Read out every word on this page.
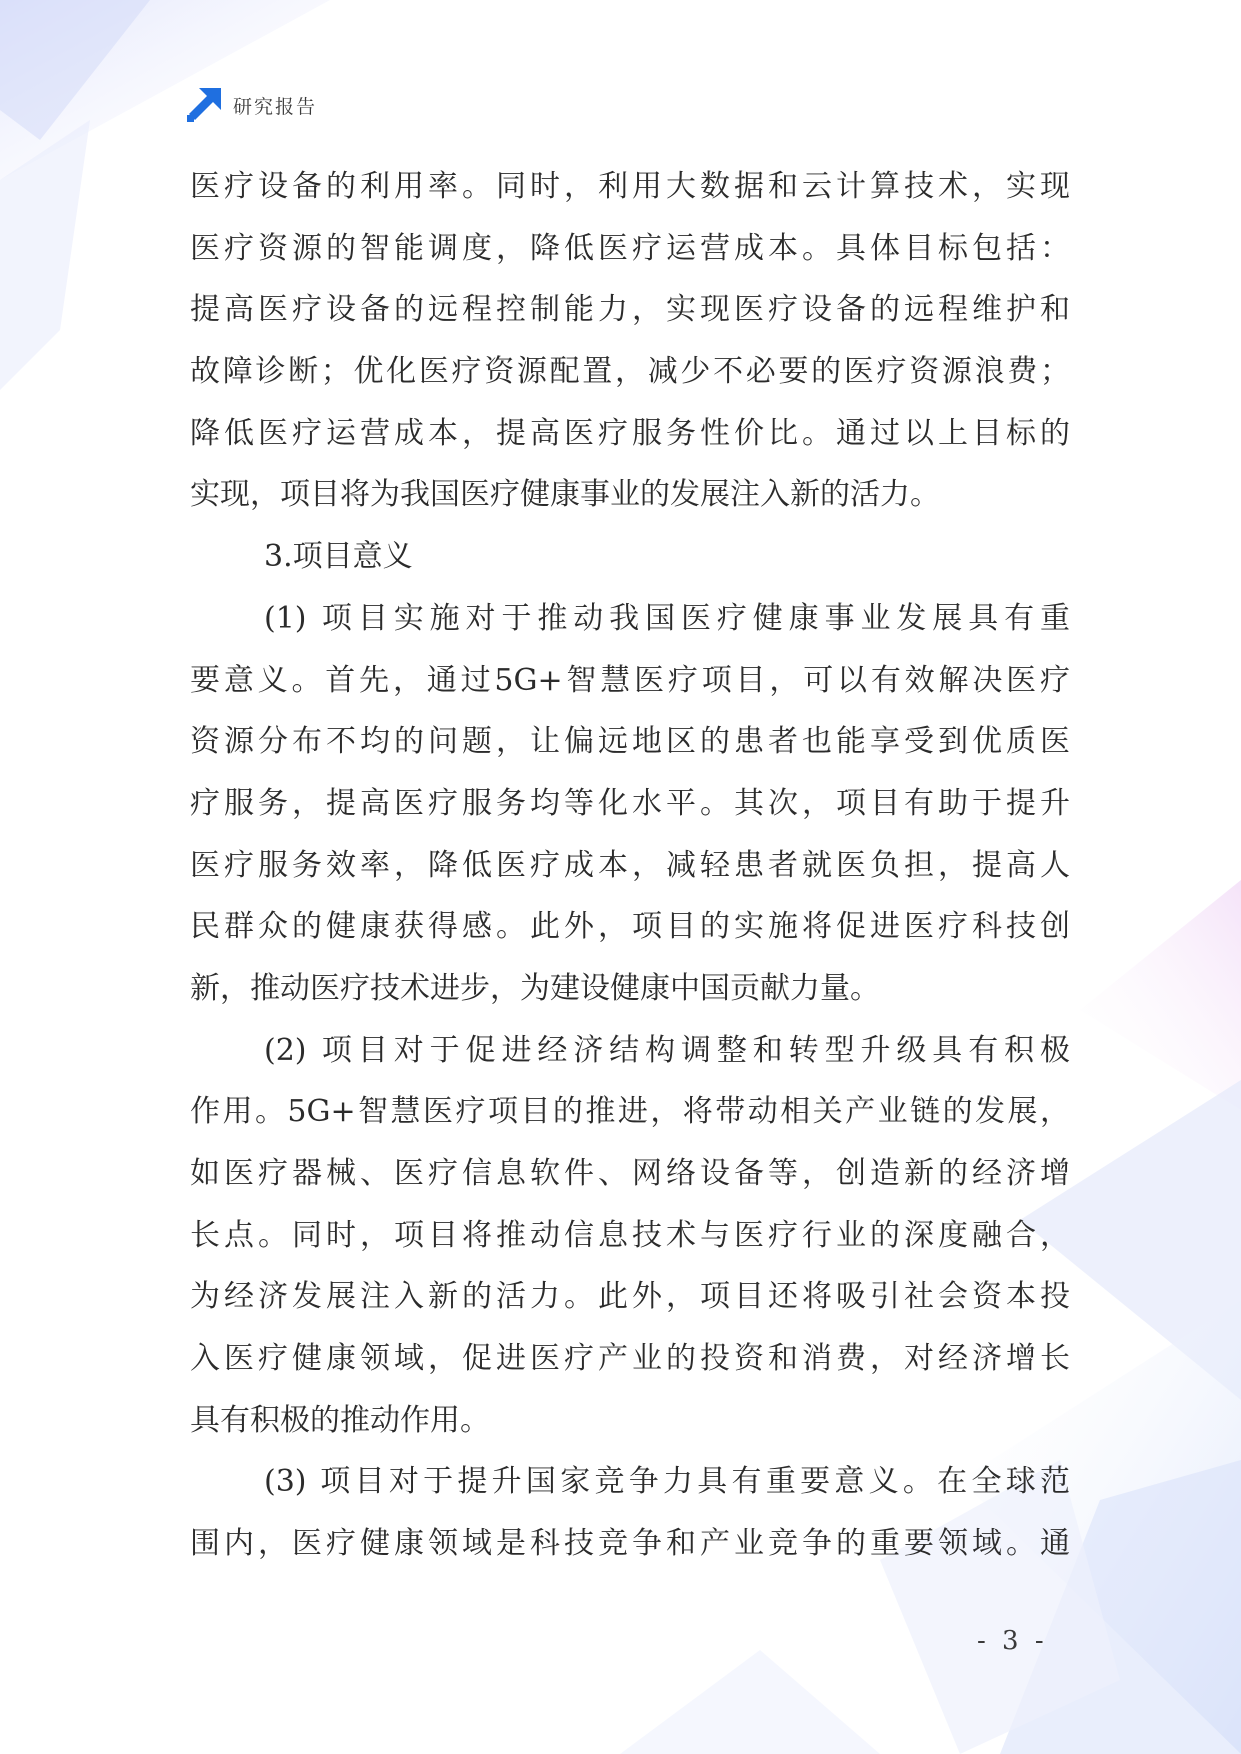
研究报告
医疗设备的利用率。同时，利用大数据和云计算技术，实现
医疗资源的智能调度，降低医疗运营成本。具体目标包括：
提高医疗设备的远程控制能力，实现医疗设备的远程维护和
故障诊断；优化医疗资源配置，减少不必要的医疗资源浪费；
降低医疗运营成本，提高医疗服务性价比。通过以上目标的
实现，项目将为我国医疗健康事业的发展注入新的活力。
3.项目意义
(1) 项目实施对于推动我国医疗健康事业发展具有重
要意义。首先，通过5G+智慧医疗项目，可以有效解决医疗
资源分布不均的问题，让偏远地区的患者也能享受到优质医
疗服务，提高医疗服务均等化水平。其次，项目有助于提升
医疗服务效率，降低医疗成本，减轻患者就医负担，提高人
民群众的健康获得感。此外，项目的实施将促进医疗科技创
新，推动医疗技术进步，为建设健康中国贡献力量。
(2) 项目对于促进经济结构调整和转型升级具有积极
作用。5G+智慧医疗项目的推进，将带动相关产业链的发展，
如医疗器械、医疗信息软件、网络设备等，创造新的经济增
长点。同时，项目将推动信息技术与医疗行业的深度融合，
为经济发展注入新的活力。此外，项目还将吸引社会资本投
入医疗健康领域，促进医疗产业的投资和消费，对经济增长
具有积极的推动作用。
(3) 项目对于提升国家竞争力具有重要意义。在全球范
围内，医疗健康领域是科技竞争和产业竞争的重要领域。通
- 3 -
